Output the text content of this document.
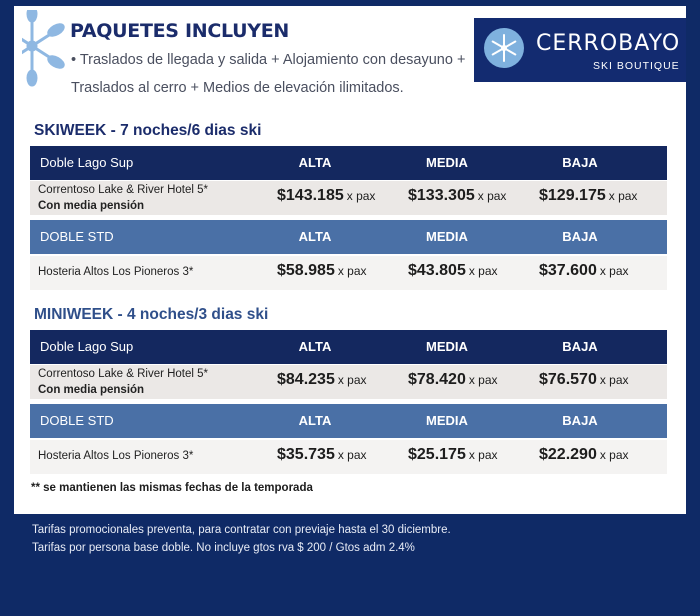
PAQUETES INCLUYEN
• Traslados de llegada y salida + Alojamiento con desayuno +
Traslados al cerro + Medios de elevación ilimitados.
CERROBAYO
SKI BOUTIQUE
SKIWEEK - 7 noches/6 dias ski
Doble Lago Sup	ALTA	MEDIA	BAJA
Correntoso Lake & River Hotel 5*
Con media pensión
$143.185 x pax $133.305 x pax $129.175 x pax
DOBLE STD	ALTA	MEDIA	BAJA
Hosteria Altos Los Pioneros 3*	$58.985 x pax	$43.805 x pax	$37.600 x pax
MINIWEEK - 4 noches/3 dias ski
Doble Lago Sup	ALTA	MEDIA	BAJA
Correntoso Lake & River Hotel 5*
Con media pensión
$84.235 x pax	$78.420 x pax	$76.570 x pax
DOBLE STD	ALTA	MEDIA	BAJA
Hosteria Altos Los Pioneros 3*	$35.735 x pax	$25.175 x pax	$22.290 x pax
** se mantienen las mismas fechas de la temporada
Tarifas promocionales preventa, para contratar con previaje hasta el 30 diciembre.
Tarifas por persona base doble. No incluye gtos rva $ 200 / Gtos adm 2.4%
